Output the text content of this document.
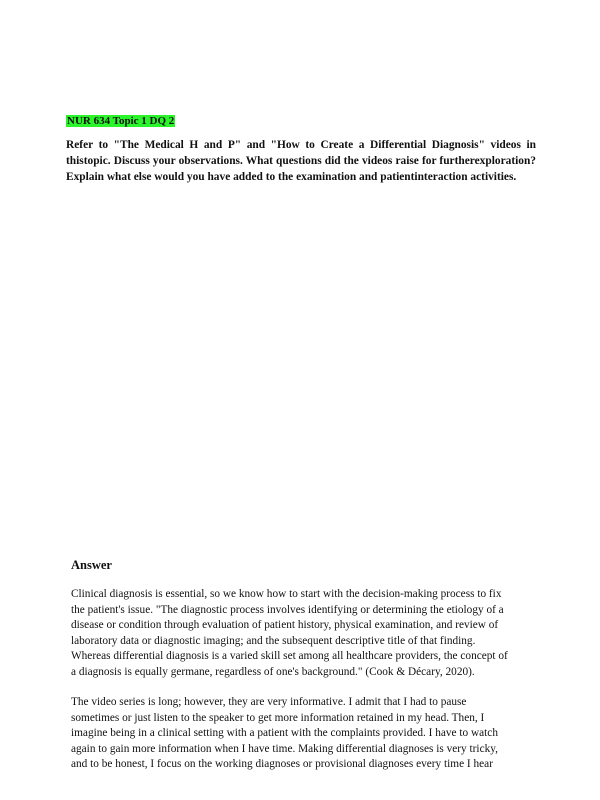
NUR 634 Topic 1 DQ 2

Refer to "The Medical H and P" and "How to Create a Differential Diagnosis" videos in thistopic. Discuss your observations. What questions did the videos raise for furtherexploration? Explain what else would you have added to the examination and patientinteraction activities.

Answer

Clinical diagnosis is essential, so we know how to start with the decision-making process to fix
the patient's issue. "The diagnostic process involves identifying or determining the etiology of a
disease or condition through evaluation of patient history, physical examination, and review of
laboratory data or diagnostic imaging; and the subsequent descriptive title of that finding.
Whereas differential diagnosis is a varied skill set among all healthcare providers, the concept of
a diagnosis is equally germane, regardless of one's background." (Cook & Décary, 2020).

The video series is long; however, they are very informative. I admit that I had to pause
sometimes or just listen to the speaker to get more information retained in my head. Then, I
imagine being in a clinical setting with a patient with the complaints provided. I have to watch
again to gain more information when I have time. Making differential diagnoses is very tricky,
and to be honest, I focus on the working diagnoses or provisional diagnoses every time I hear
